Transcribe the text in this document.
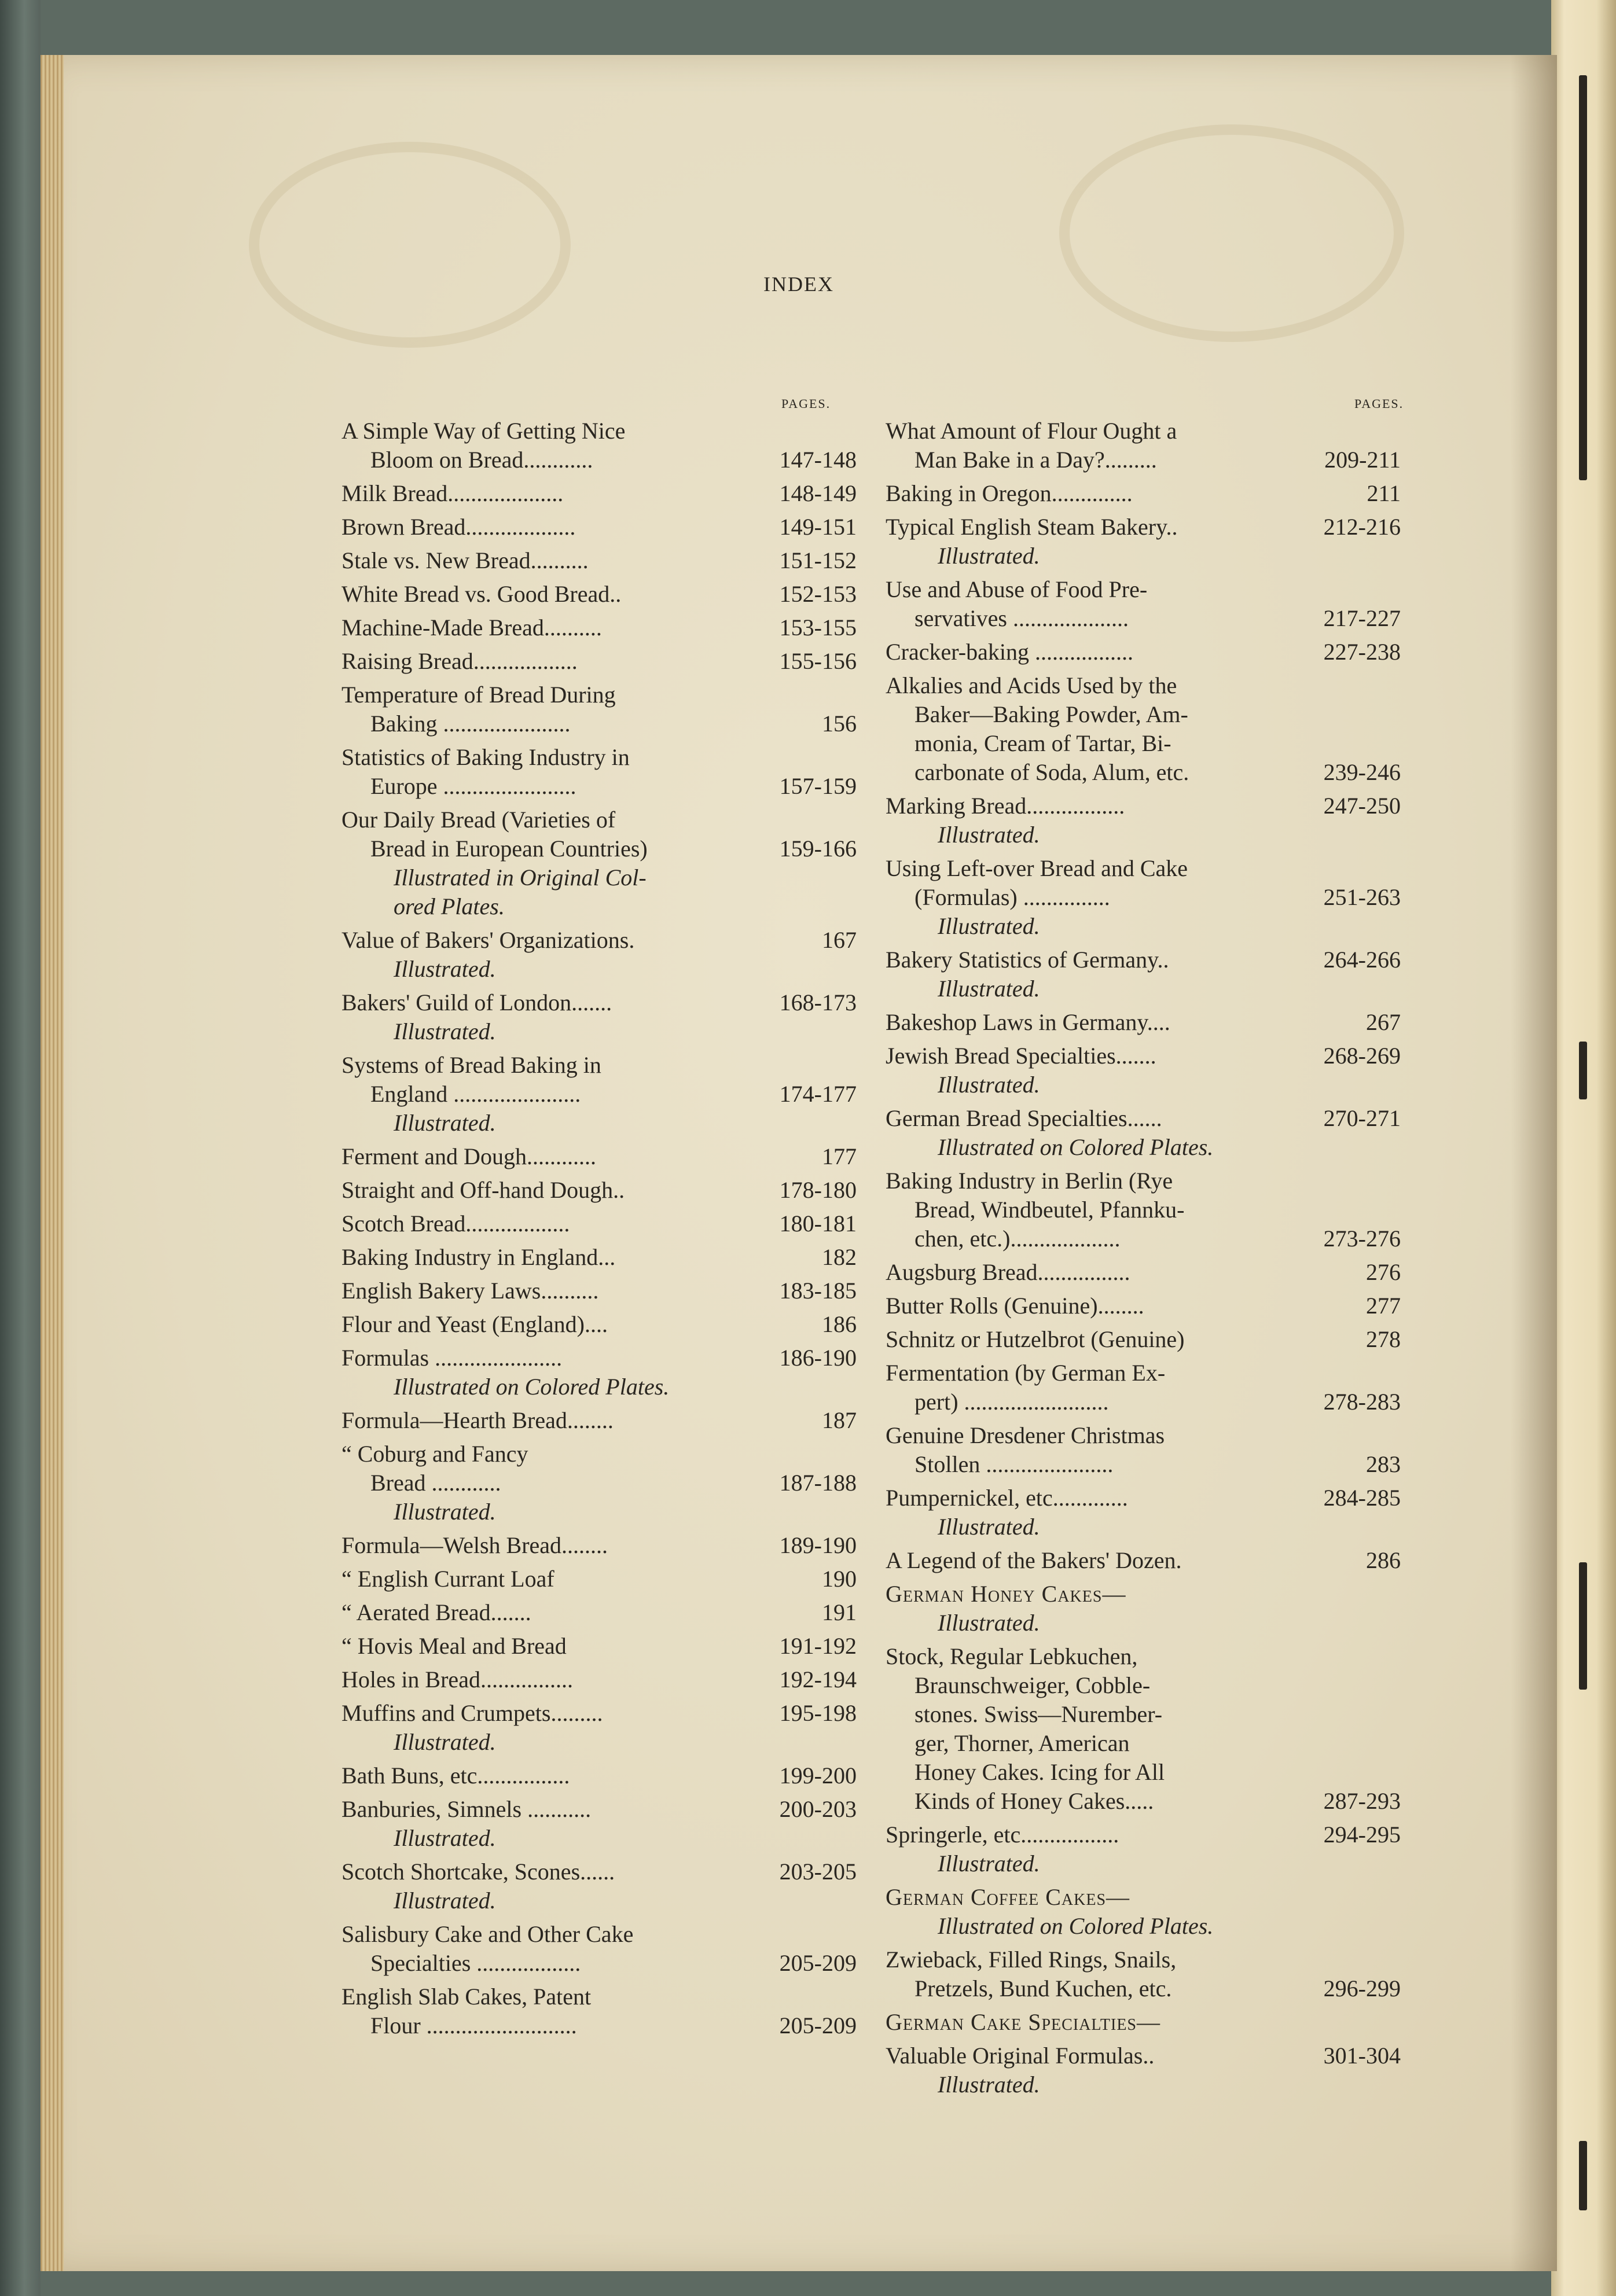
INDEX
PAGES.
A Simple Way of Getting Nice
Bloom on Bread............	147-148
Milk Bread....................	148-149
Brown Bread...................	149-151
Stale vs. New Bread..........	151-152
White Bread vs. Good Bread..	152-153
Machine-Made Bread..........	153-155
Raising Bread..................	155-156
Temperature of Bread During
Baking ......................	156
Statistics of Baking Industry in
Europe .......................	157-159
Our Daily Bread (Varieties of
Bread in European Countries)	159-166
Illustrated in Original Col-
ored Plates.
Value of Bakers' Organizations.	167
Illustrated.
Bakers' Guild of London.......	168-173
Illustrated.
Systems of Bread Baking in
England ......................	174-177
Illustrated.
Ferment and Dough............	177
Straight and Off-hand Dough..	178-180
Scotch Bread..................	180-181
Baking Industry in England...	182
English Bakery Laws..........	183-185
Flour and Yeast (England)....	186
Formulas ......................	186-190
Illustrated on Colored Plates.
Formula—Hearth Bread........	187
“ Coburg and Fancy
Bread ............	187-188
Illustrated.
Formula—Welsh Bread........	189-190
“ English Currant Loaf	190
“ Aerated Bread.......	191
“ Hovis Meal and Bread	191-192
Holes in Bread................	192-194
Muffins and Crumpets.........	195-198
Illustrated.
Bath Buns, etc................	199-200
Banburies, Simnels ...........	200-203
Illustrated.
Scotch Shortcake, Scones......	203-205
Illustrated.
Salisbury Cake and Other Cake
Specialties ..................	205-209
English Slab Cakes, Patent
Flour ..........................	205-209
PAGES.
What Amount of Flour Ought a
Man Bake in a Day?.........	209-211
Baking in Oregon..............	211
Typical English Steam Bakery..	212-216
Illustrated.
Use and Abuse of Food Pre-
servatives ....................	217-227
Cracker-baking .................	227-238
Alkalies and Acids Used by the
Baker—Baking Powder, Am-
monia, Cream of Tartar, Bi-
carbonate of Soda, Alum, etc.	239-246
Marking Bread.................	247-250
Illustrated.
Using Left-over Bread and Cake
(Formulas) ...............	251-263
Illustrated.
Bakery Statistics of Germany..	264-266
Illustrated.
Bakeshop Laws in Germany....	267
Jewish Bread Specialties.......	268-269
Illustrated.
German Bread Specialties......	270-271
Illustrated on Colored Plates.
Baking Industry in Berlin (Rye
Bread, Windbeutel, Pfannku-
chen, etc.)...................	273-276
Augsburg Bread................	276
Butter Rolls (Genuine)........	277
Schnitz or Hutzelbrot (Genuine)	278
Fermentation (by German Ex-
pert) .........................	278-283
Genuine Dresdener Christmas
Stollen ......................	283
Pumpernickel, etc.............	284-285
Illustrated.
A Legend of the Bakers' Dozen.	286
German Honey Cakes—
Illustrated.
Stock, Regular Lebkuchen,
Braunschweiger, Cobble-
stones. Swiss—Nurember-
ger, Thorner, American
Honey Cakes. Icing for All
Kinds of Honey Cakes.....	287-293
Springerle, etc.................	294-295
Illustrated.
German Coffee Cakes—
Illustrated on Colored Plates.
Zwieback, Filled Rings, Snails,
Pretzels, Bund Kuchen, etc.	296-299
German Cake Specialties—
Valuable Original Formulas..	301-304
Illustrated.
